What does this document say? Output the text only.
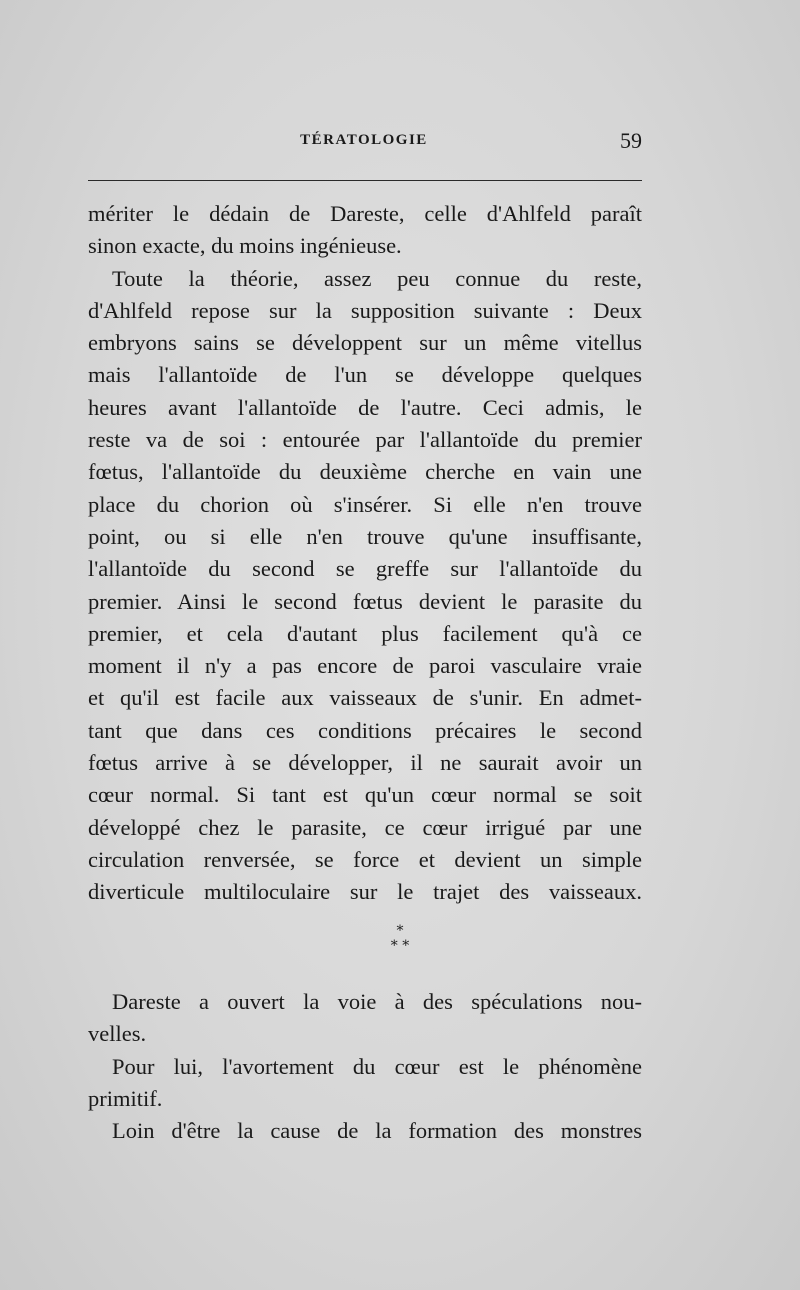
TÉRATOLOGIE	59
mériter le dédain de Dareste, celle d'Ahlfeld paraît
sinon exacte, du moins ingénieuse.
Toute la théorie, assez peu connue du reste,
d'Ahlfeld repose sur la supposition suivante : Deux
embryons sains se développent sur un même vitellus
mais l'allantoïde de l'un se développe quelques
heures avant l'allantoïde de l'autre. Ceci admis, le
reste va de soi : entourée par l'allantoïde du premier
fœtus, l'allantoïde du deuxième cherche en vain une
place du chorion où s'insérer. Si elle n'en trouve
point, ou si elle n'en trouve qu'une insuffisante,
l'allantoïde du second se greffe sur l'allantoïde du
premier. Ainsi le second fœtus devient le parasite du
premier, et cela d'autant plus facilement qu'à ce
moment il n'y a pas encore de paroi vasculaire vraie
et qu'il est facile aux vaisseaux de s'unir. En admet-
tant que dans ces conditions précaires le second
fœtus arrive à se développer, il ne saurait avoir un
cœur normal. Si tant est qu'un cœur normal se soit
développé chez le parasite, ce cœur irrigué par une
circulation renversée, se force et devient un simple
diverticule multiloculaire sur le trajet des vaisseaux.
*
* *
Dareste a ouvert la voie à des spéculations nou-
velles.
Pour lui, l'avortement du cœur est le phénomène
primitif.
Loin d'être la cause de la formation des monstres
